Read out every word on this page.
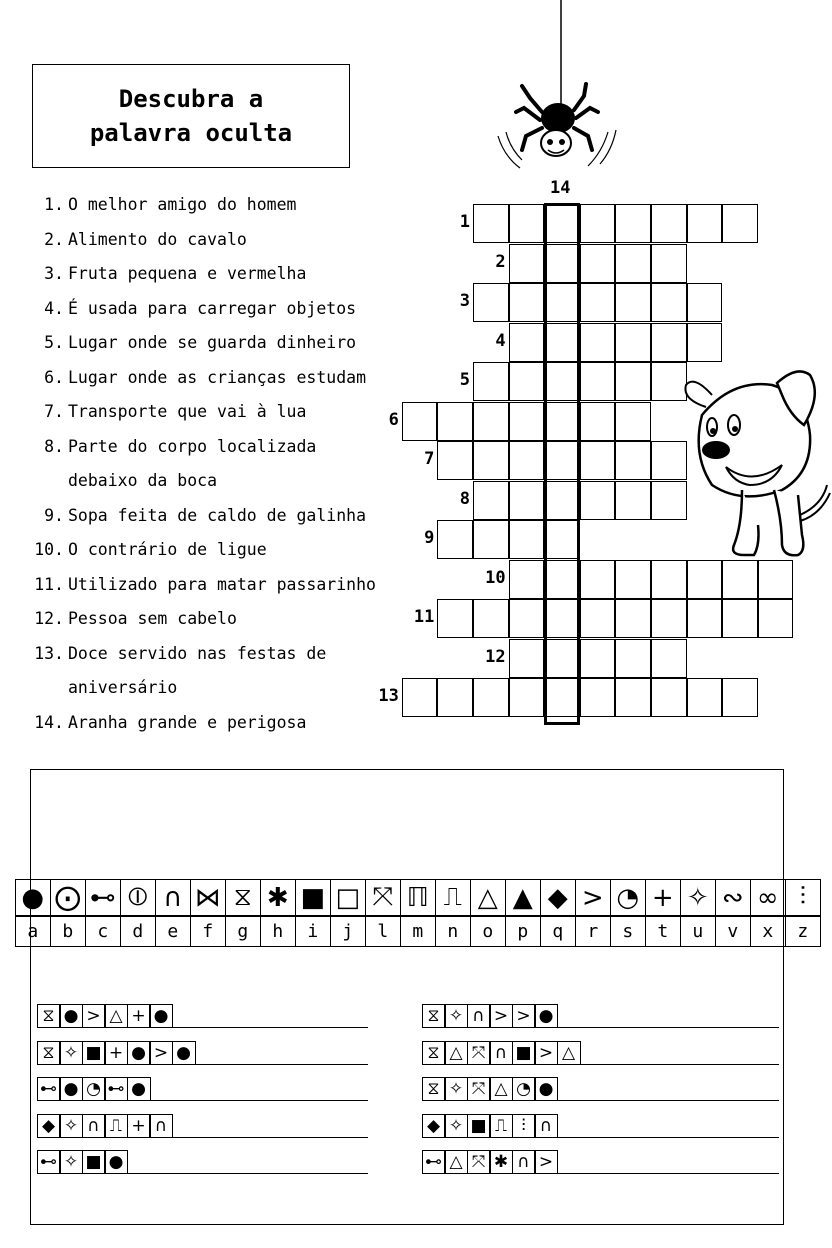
Descubra a
palavra oculta
1. O melhor amigo do homem
2. Alimento do cavalo
3. Fruta pequena e vermelha
4. É usada para carregar objetos
5. Lugar onde se guarda dinheiro
6. Lugar onde as crianças estudam
7. Transporte que vai à lua
8. Parte do corpo localizada
debaixo da boca
9. Sopa feita de caldo de galinha
10. O contrário de ligue
11. Utilizado para matar passarinho
12. Pessoa sem cabelo
13. Doce servido nas festas de
aniversário
14. Aranha grande e perigosa
1
2
3
4
5
6
7
8
9
10
11
12
13
14
● ⨀ ⊷ ⦶ ∩ ⋈ ⧖ ✱ ■ □ ⤧ ℿ ⎍ △ ▲ ◆ > ◔ + ✧ ∾ ∞ ⫶
a	b	c	d	e	f	g	h	i	j	l	m	n	o	p	q	r	s	t	u	v	x	z
⧖ ● > △ + ●
⧖ ✧ ■ + ● > ●
⊷ ● ◔ ⊷ ●
◆ ✧ ∩ ⎍ + ∩
⊷ ✧ ■ ●
⧖ ✧ ∩ > > ●
⧖ △ ⤧ ∩ ■ > △
⧖ ✧ ⤧ △ ◔ ●
◆ ✧ ■ ⎍ ⫶ ∩
⊷ △ ⤧ ✱ ∩ >
